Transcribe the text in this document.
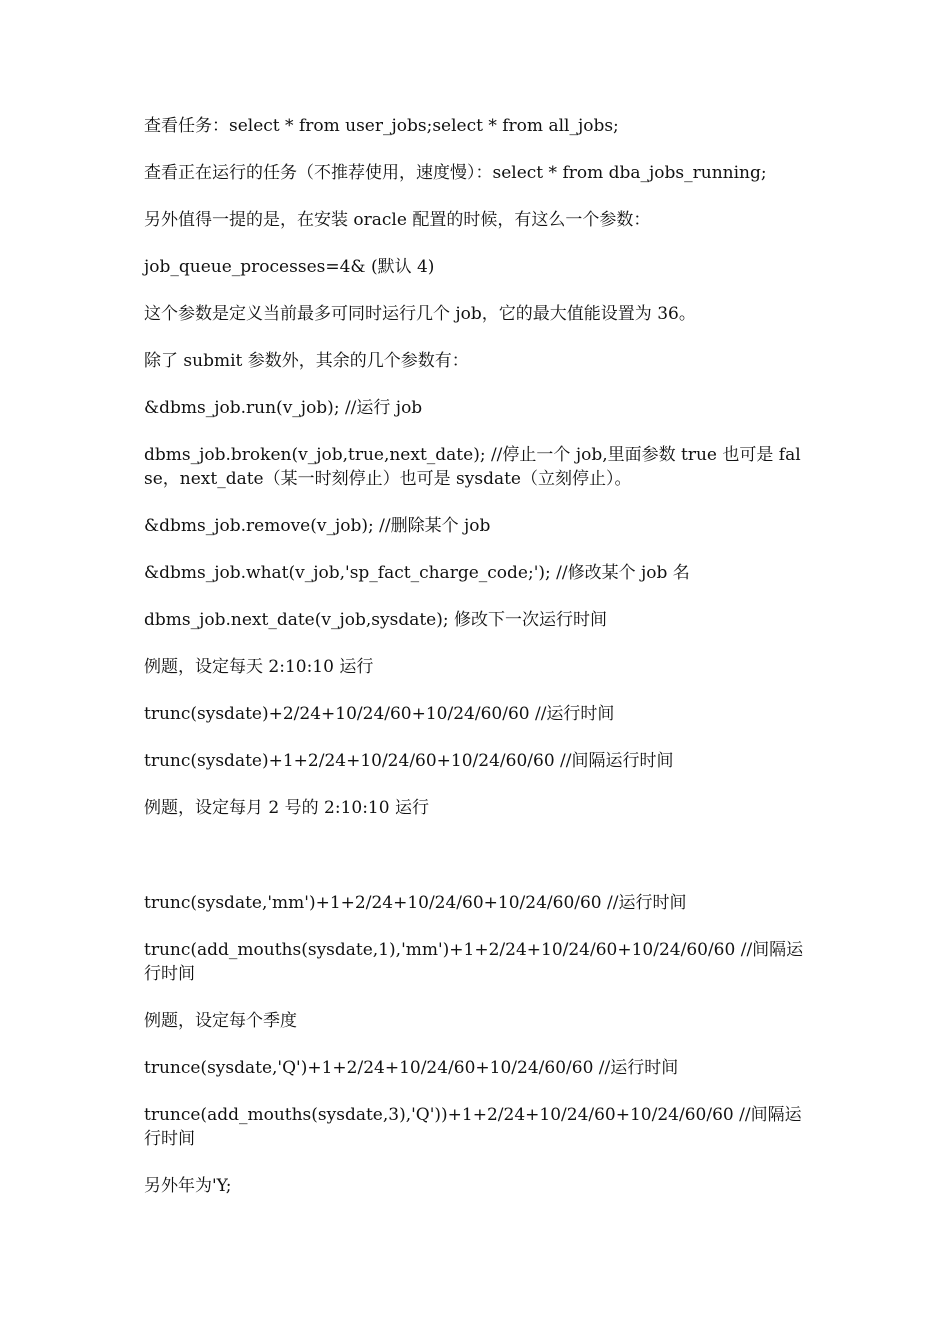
查看任务：select * from user_jobs;select * from all_jobs;

查看正在运行的任务（不推荐使用，速度慢）：select * from dba_jobs_running;

另外值得一提的是，在安装 oracle 配置的时候，有这么一个参数：

job_queue_processes=4& (默认 4)

这个参数是定义当前最多可同时运行几个 job，它的最大值能设置为 36。

除了 submit 参数外，其余的几个参数有：

&dbms_job.run(v_job); //运行 job

dbms_job.broken(v_job,true,next_date); //停止一个 job,里面参数 true 也可是 false，next_date（某一时刻停止）也可是 sysdate（立刻停止）。

&dbms_job.remove(v_job); //删除某个 job

&dbms_job.what(v_job,'sp_fact_charge_code;'); //修改某个 job 名

dbms_job.next_date(v_job,sysdate); 修改下一次运行时间

例题，设定每天 2:10:10 运行

trunc(sysdate)+2/24+10/24/60+10/24/60/60 //运行时间

trunc(sysdate)+1+2/24+10/24/60+10/24/60/60 //间隔运行时间

例题，设定每月 2 号的 2:10:10 运行

trunc(sysdate,'mm')+1+2/24+10/24/60+10/24/60/60 //运行时间

trunc(add_mouths(sysdate,1),'mm')+1+2/24+10/24/60+10/24/60/60 //间隔运行时间

例题，设定每个季度

trunce(sysdate,'Q')+1+2/24+10/24/60+10/24/60/60 //运行时间

trunce(add_mouths(sysdate,3),'Q'))+1+2/24+10/24/60+10/24/60/60 //间隔运行时间

另外年为'Y;
